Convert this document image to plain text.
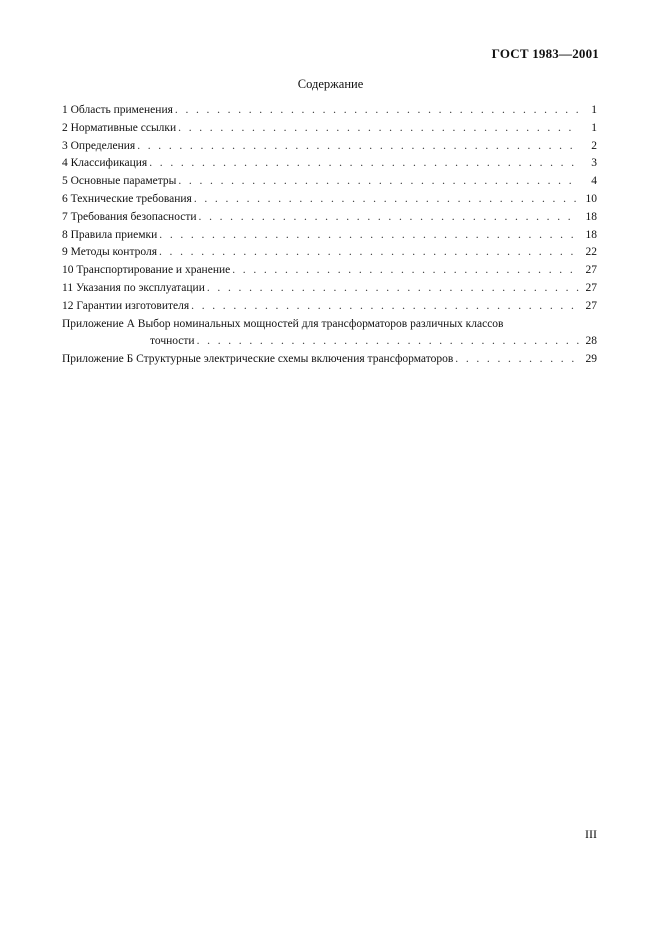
ГОСТ 1983—2001
Содержание
1 Область применения . . .	1
2 Нормативные ссылки . . .	1
3 Определения . . .	2
4 Классификация . . .	3
5 Основные параметры . . .	4
6 Технические требования . . .	10
7 Требования безопасности . . .	18
8 Правила приемки . . .	18
9 Методы контроля . . .	22
10 Транспортирование и хранение . . .	27
11 Указания по эксплуатации . . .	27
12 Гарантии изготовителя . . .	27
Приложение А Выбор номинальных мощностей для трансформаторов различных классов
точности . . .	28
Приложение Б Структурные электрические схемы включения трансформаторов . . .	29
III
